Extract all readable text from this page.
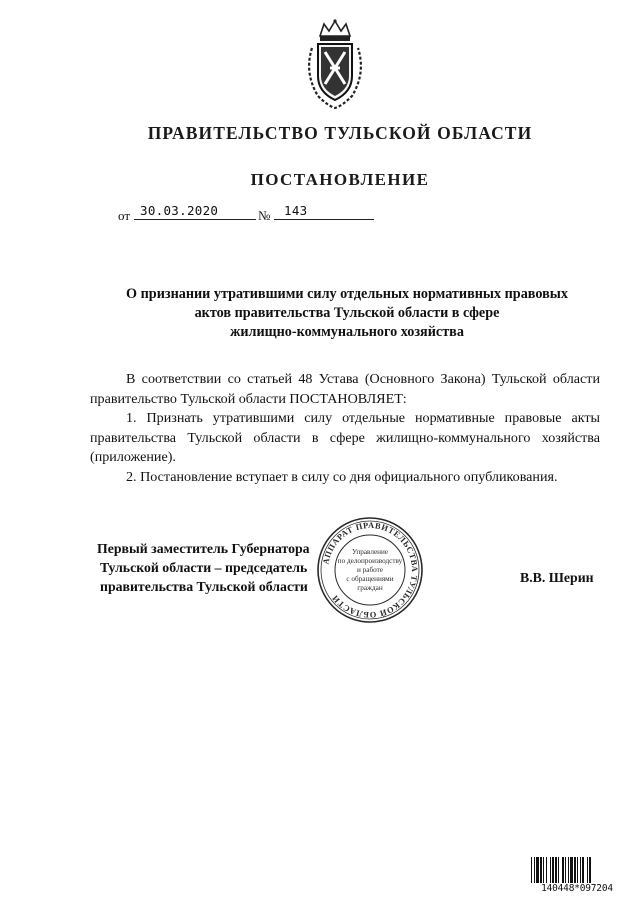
ПРАВИТЕЛЬСТВО ТУЛЬСКОЙ ОБЛАСТИ
ПОСТАНОВЛЕНИЕ
от 30.03.2020	№	143
О признании утратившими силу отдельных нормативных правовых
актов правительства Тульской области в сфере
жилищно-коммунального хозяйства

В соответствии со статьей 48 Устава (Основного Закона) Тульской области правительство Тульской области ПОСТАНОВЛЯЕТ:

1. Признать утратившими силу отдельные нормативные правовые акты правительства Тульской области в сфере жилищно-коммунального хозяйства (приложение).

2. Постановление вступает в силу со дня официального опубликования.

АППАРАТ ПРАВИТЕЛЬСТВА ТУЛЬСКОЙ ОБЛАСТИ
Управление
по делопроизводству
и работе
с обращениями
граждан
Первый заместитель Губернатора
Тульской области – председатель
правительства Тульской области
В.В. Шерин
140448*097204
